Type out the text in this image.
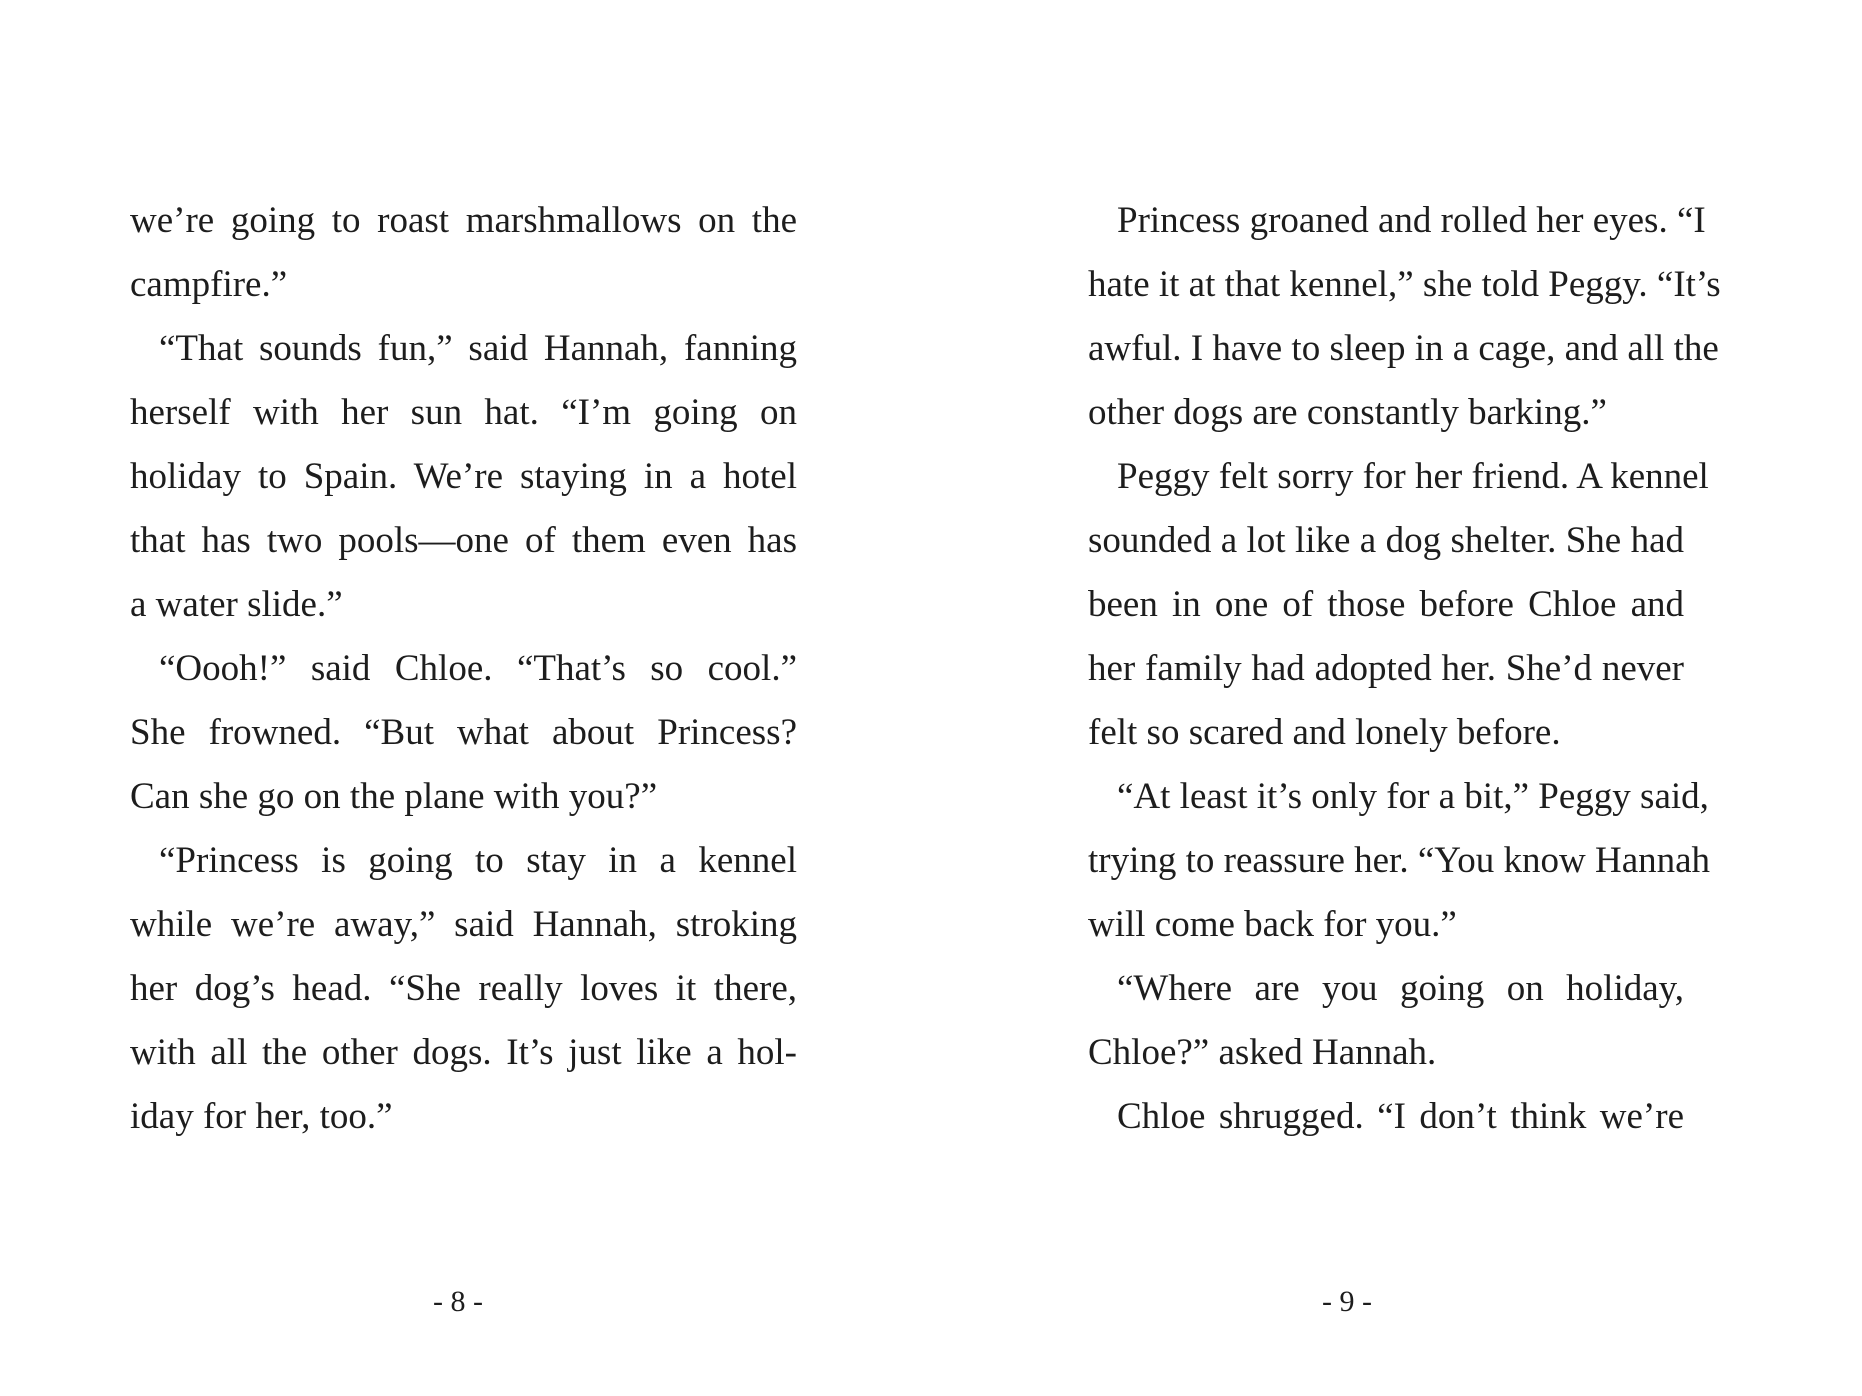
we’re going to roast marshmallows on the
campfire.”
“That sounds fun,” said Hannah, fanning
herself with her sun hat. “I’m going on
holiday to Spain. We’re staying in a hotel
that has two pools—one of them even has
a water slide.”
“Oooh!” said Chloe. “That’s so cool.”
She frowned. “But what about Princess?
Can she go on the plane with you?”
“Princess is going to stay in a kennel
while we’re away,” said Hannah, stroking
her dog’s head. “She really loves it there,
with all the other dogs. It’s just like a hol-
iday for her, too.”
- 8 -
Princess groaned and rolled her eyes. “I
hate it at that kennel,” she told Peggy. “It’s
awful. I have to sleep in a cage, and all the
other dogs are constantly barking.”
Peggy felt sorry for her friend. A kennel
sounded a lot like a dog shelter. She had
been in one of those before Chloe and
her family had adopted her. She’d never
felt so scared and lonely before.
“At least it’s only for a bit,” Peggy said,
trying to reassure her. “You know Hannah
will come back for you.”
“Where are you going on holiday,
Chloe?” asked Hannah.
Chloe shrugged. “I don’t think we’re
- 9 -
